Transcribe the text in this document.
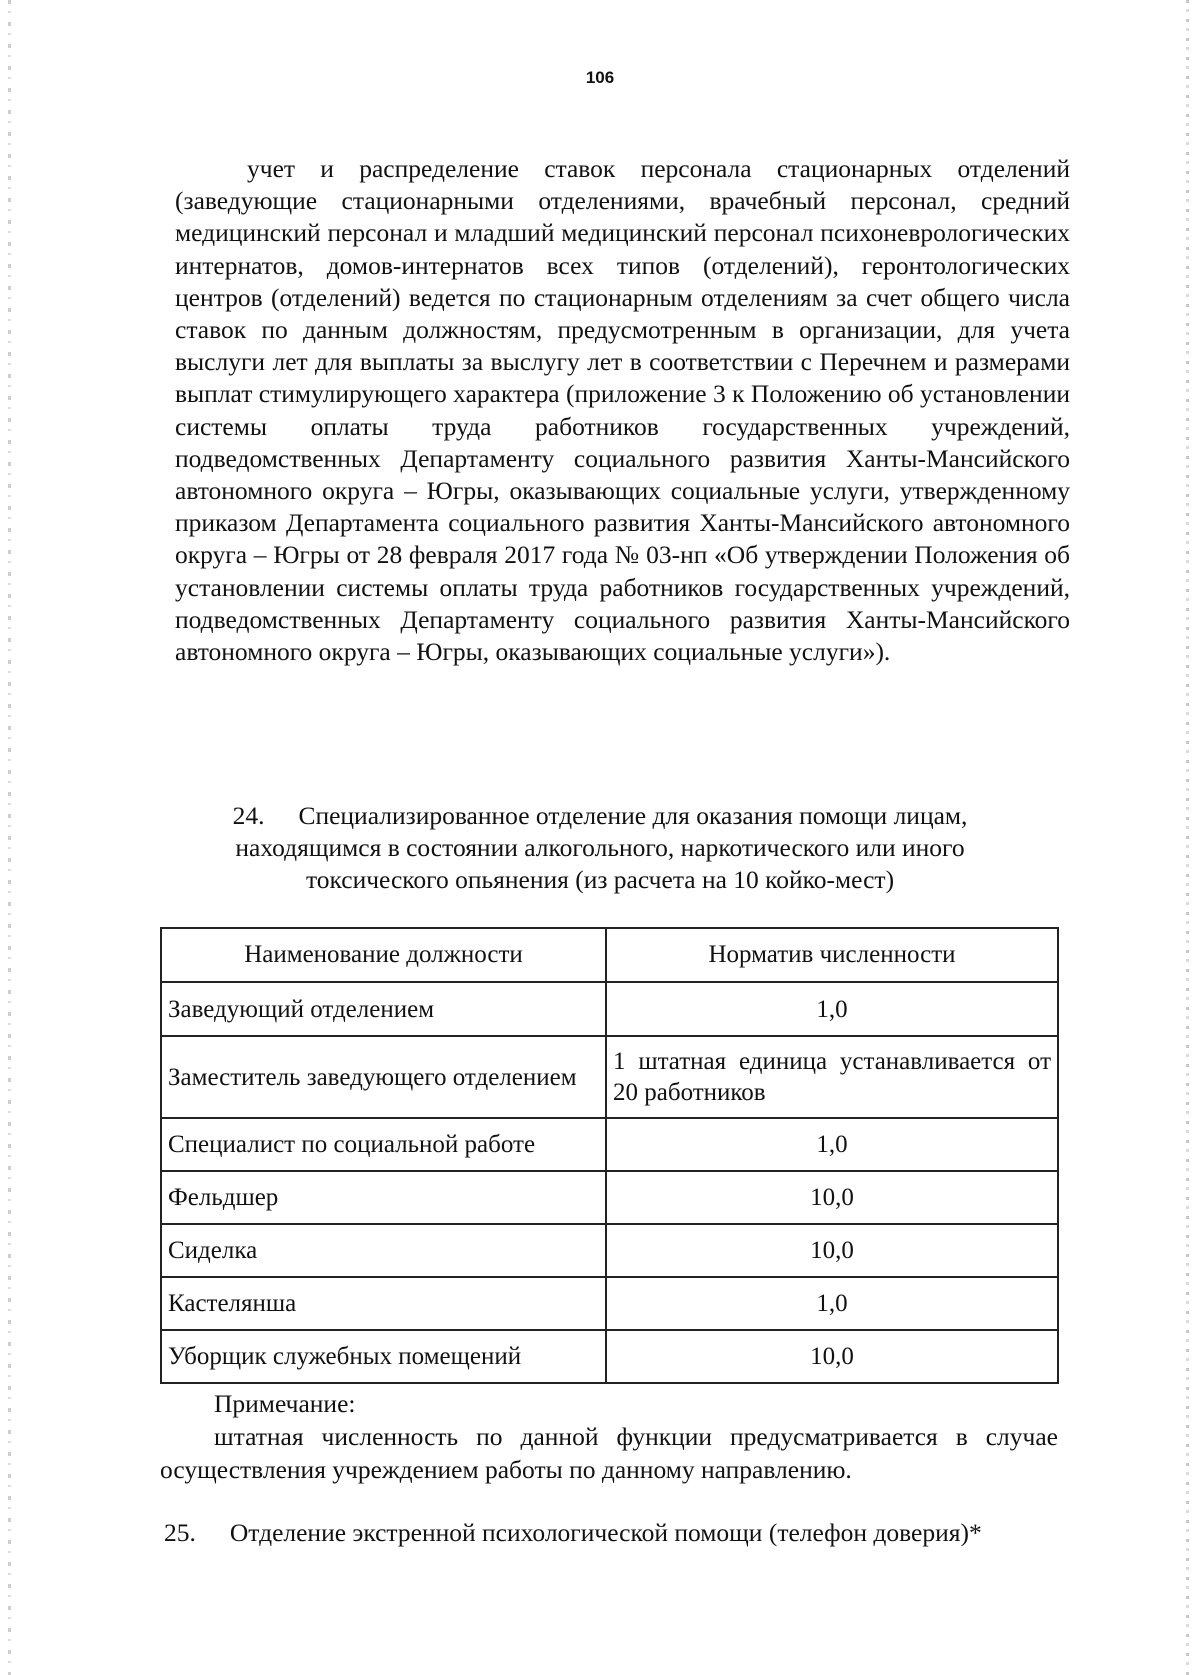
106

учет и распределение ставок персонала стационарных отделений (заведующие стационарными отделениями, врачебный персонал, средний медицинский персонал и младший медицинский персонал психоневрологических интернатов, домов-интернатов всех типов (отделений), геронтологических центров (отделений) ведется по стационарным отделениям за счет общего числа ставок по данным должностям, предусмотренным в организации, для учета выслуги лет для выплаты за выслугу лет в соответствии с Перечнем и размерами выплат стимулирующего характера (приложение 3 к Положению об установлении системы оплаты труда работников государственных учреждений, подведомственных Департаменту социального развития Ханты-Мансийского автономного округа – Югры, оказывающих социальные услуги, утвержденному приказом Департамента социального развития Ханты-Мансийского автономного округа – Югры от 28 февраля 2017 года № 03-нп «Об утверждении Положения об установлении системы оплаты труда работников государственных учреждений, подведомственных Департаменту социального развития Ханты-Мансийского автономного округа – Югры, оказывающих социальные услуги»).

24. Специализированное отделение для оказания помощи лицам,
находящимся в состоянии алкогольного, наркотического или иного
токсического опьянения (из расчета на 10 койко-мест)
Наименование должности	Норматив численности
Заведующий отделением	1,0
Заместитель заведующего отделением	1 штатная единица устанавливается от 20 работников
Специалист по социальной работе	1,0
Фельдшер	10,0
Сиделка	10,0
Кастелянша	1,0
Уборщик служебных помещений	10,0
Примечание:

штатная численность по данной функции предусматривается в случае осуществления учреждением работы по данному направлению.

25. Отделение экстренной психологической помощи (телефон доверия)*
